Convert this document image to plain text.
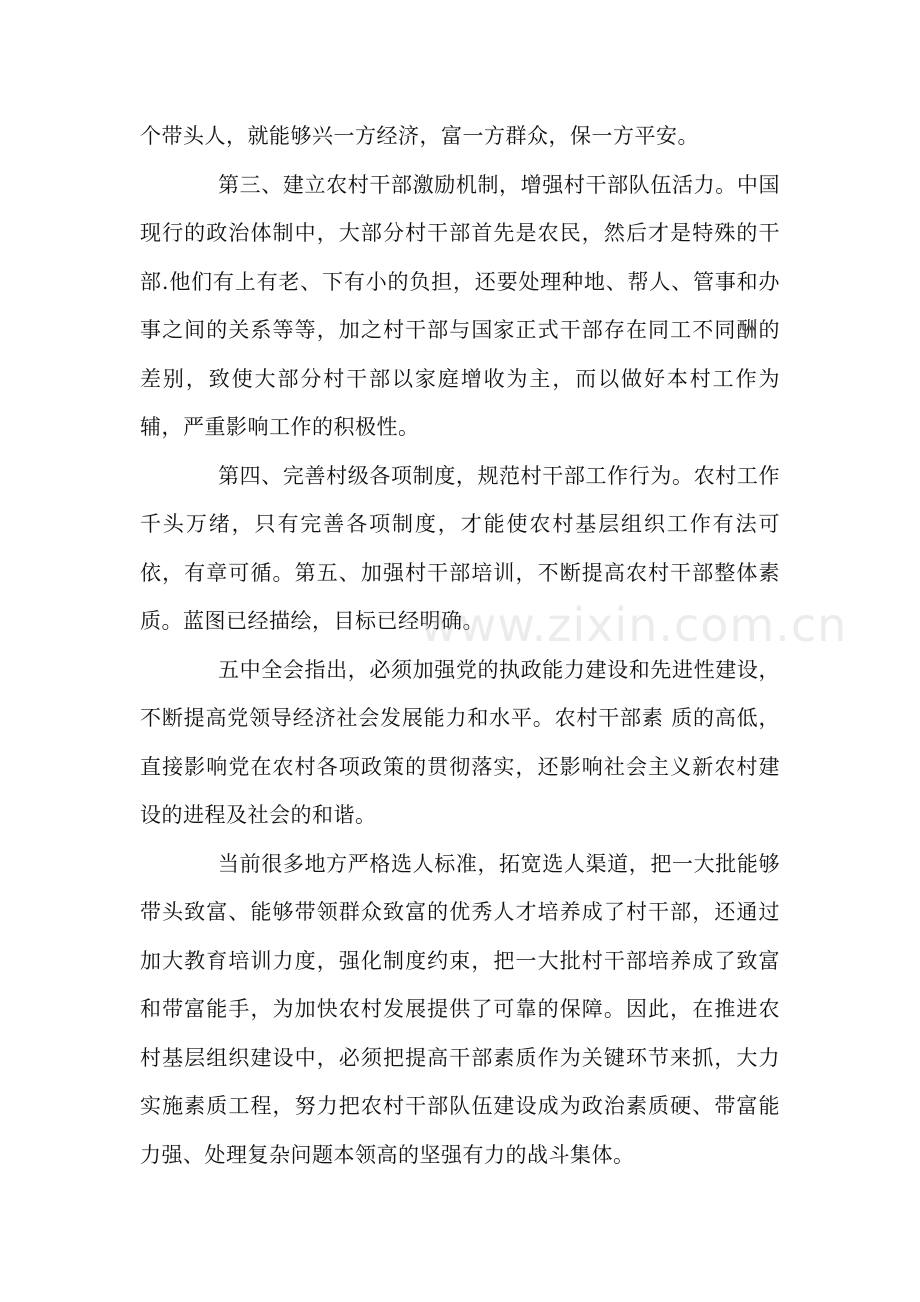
个带头人，就能够兴一方经济，富一方群众，保一方平安。

第三、建立农村干部激励机制，增强村干部队伍活力。中国现行的政治体制中，大部分村干部首先是农民，然后才是特殊的干部.他们有上有老、下有小的负担，还要处理种地、帮人、管事和办事之间的关系等等，加之村干部与国家正式干部存在同工不同酬的差别，致使大部分村干部以家庭增收为主，而以做好本村工作为辅，严重影响工作的积极性。

第四、完善村级各项制度，规范村干部工作行为。农村工作千头万绪，只有完善各项制度，才能使农村基层组织工作有法可依，有章可循。第五、加强村干部培训，不断提高农村干部整体素质。蓝图已经描绘，目标已经明确。

五中全会指出，必须加强党的执政能力建设和先进性建设，不断提高党领导经济社会发展能力和水平。农村干部素 质的高低，直接影响党在农村各项政策的贯彻落实，还影响社会主义新农村建设的进程及社会的和谐。

当前很多地方严格选人标准，拓宽选人渠道，把一大批能够带头致富、能够带领群众致富的优秀人才培养成了村干部，还通过加大教育培训力度，强化制度约束，把一大批村干部培养成了致富和带富能手，为加快农村发展提供了可靠的保障。因此，在推进农村基层组织建设中，必须把提高干部素质作为关键环节来抓，大力实施素质工程，努力把农村干部队伍建设成为政治素质硬、带富能力强、处理复杂问题本领高的坚强有力的战斗集体。

www.zixin.com.cn
